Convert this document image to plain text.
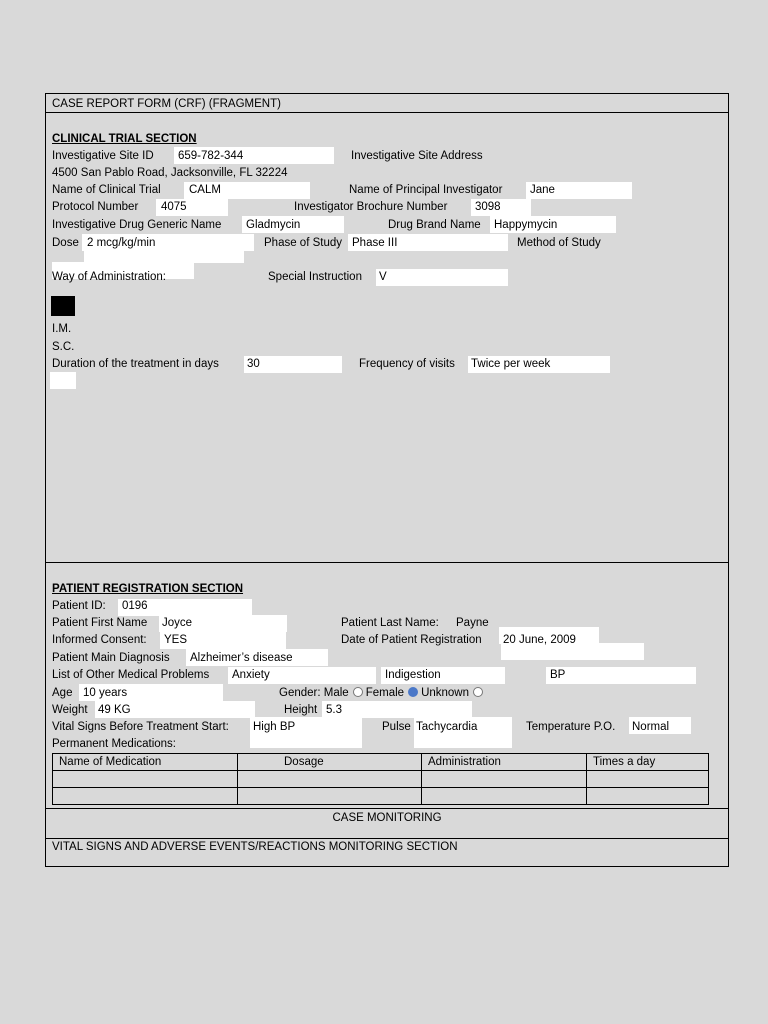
CASE REPORT FORM (CRF) (FRAGMENT)
CLINICAL TRIAL SECTION
Investigative Site ID 659-782-344	Investigative Site Address
4500 San Pablo Road, Jacksonville, FL 32224
Name of Clinical Trial CALM	Name of Principal Investigator Jane
Protocol Number 4075	Investigator Brochure Number 3098
Investigative Drug Generic Name Gladmycin	Drug Brand Name Happymycin
Dose 2 mcg/kg/min	Phase of Study Phase III	Method of Study
Way of Administration:	Special Instruction V
I.M.
S.C.
Duration of the treatment in days 30	Frequency of visits Twice per week
PATIENT REGISTRATION SECTION
Patient ID: 0196
Patient First Name Joyce	Patient Last Name: Payne
Informed Consent: YES	Date of Patient Registration 20 June, 2009
Patient Main Diagnosis Alzheimer’s disease
List of Other Medical Problems Anxiety	Indigestion	BP
Age 10 years	Gender: Male Female Unknown
Weight 49 KG	Height 5.3
Vital Signs Before Treatment Start: High BP	Pulse Tachycardia	Temperature P.O. Normal
Permanent Medications:
Name of Medication	Dosage	Administration	Times a day

CASE MONITORING
VITAL SIGNS AND ADVERSE EVENTS/REACTIONS MONITORING SECTION
